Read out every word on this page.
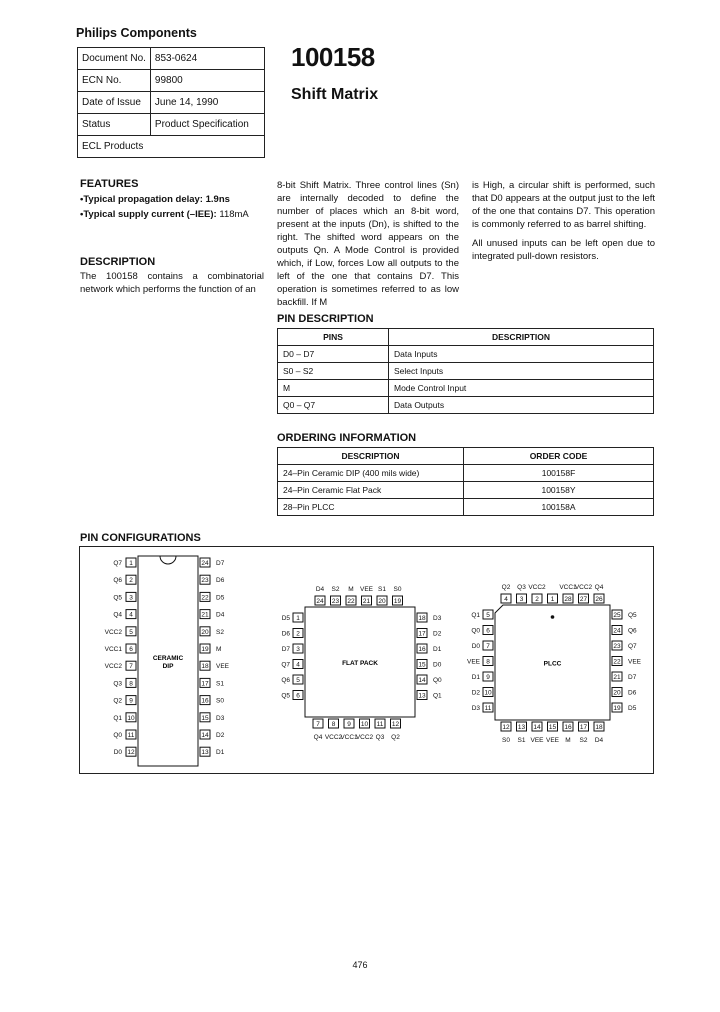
Philips Components
Document No.	853-0624
ECN No.	99800
Date of Issue	June 14, 1990
Status	Product Specification
ECL Products	
100158
Shift Matrix
FEATURES
•Typical propagation delay: 1.9ns
•Typical supply current (–IEE): 118mA
DESCRIPTION
The 100158 contains a combinatorial network which performs the function of an
8-bit Shift Matrix. Three control lines (Sn) are internally decoded to define the number of places which an 8-bit word, present at the inputs (Dn), is shifted to the right. The shifted word appears on the outputs Qn. A Mode Control is provided which, if Low, forces Low all outputs to the left of the one that contains D7. This operation is sometimes referred to as low backfill. If M
is High, a circular shift is performed, such that D0 appears at the output just to the left of the one that contains D7. This operation is commonly referred to as barrel shifting.
All unused inputs can be left open due to integrated pull-down resistors.
PIN DESCRIPTION
PINS	DESCRIPTION
D0 – D7	Data Inputs
S0 – S2	Select Inputs
M	Mode Control Input
Q0 – Q7	Data Outputs
ORDERING INFORMATION
DESCRIPTION	ORDER CODE
24–Pin Ceramic DIP (400 mils wide)	100158F
24–Pin Ceramic Flat Pack	100158Y
28–Pin PLCC	100158A
PIN CONFIGURATIONS
1
Q7
2
Q6
3
Q5
4
Q4
5
VCC2
6
VCC1
7
VCC2
8
Q3
9
Q2
10
Q1
11
Q0
12
D0
24 D7
23 D6
22 D5
21 D4
20 S2
19 M
18 VEE
17 S1
16 S0
15 D3
14 D2
13 D1
CERAMIC
DIP
24
D4
23
S2
22
M
21
VEE
20
S1
19
S0
7
Q4
8
VCC2
9
VCC1
10
VCC2
11
Q3
12
Q2
1
D5
2
D6
3
D7
4
Q7
5
Q6
6
Q5
18 D3
17 D2
16 D1
15 D0
14 Q0
13 Q1
FLAT PACK
4
Q2
3
Q3
2
VCC2
1 28
VCC1
27
VCC2
26
Q4
12
S0
13
S1
14
VEE
15
VEE
16
M
17
S2
18
D4
5
Q1
6
Q0
7
D0
8
VEE
9
D1
10
D2
11
D3
25 Q5
24 Q6
23 Q7
22 VEE
21 D7
20 D6
19 D5
PLCC
476
